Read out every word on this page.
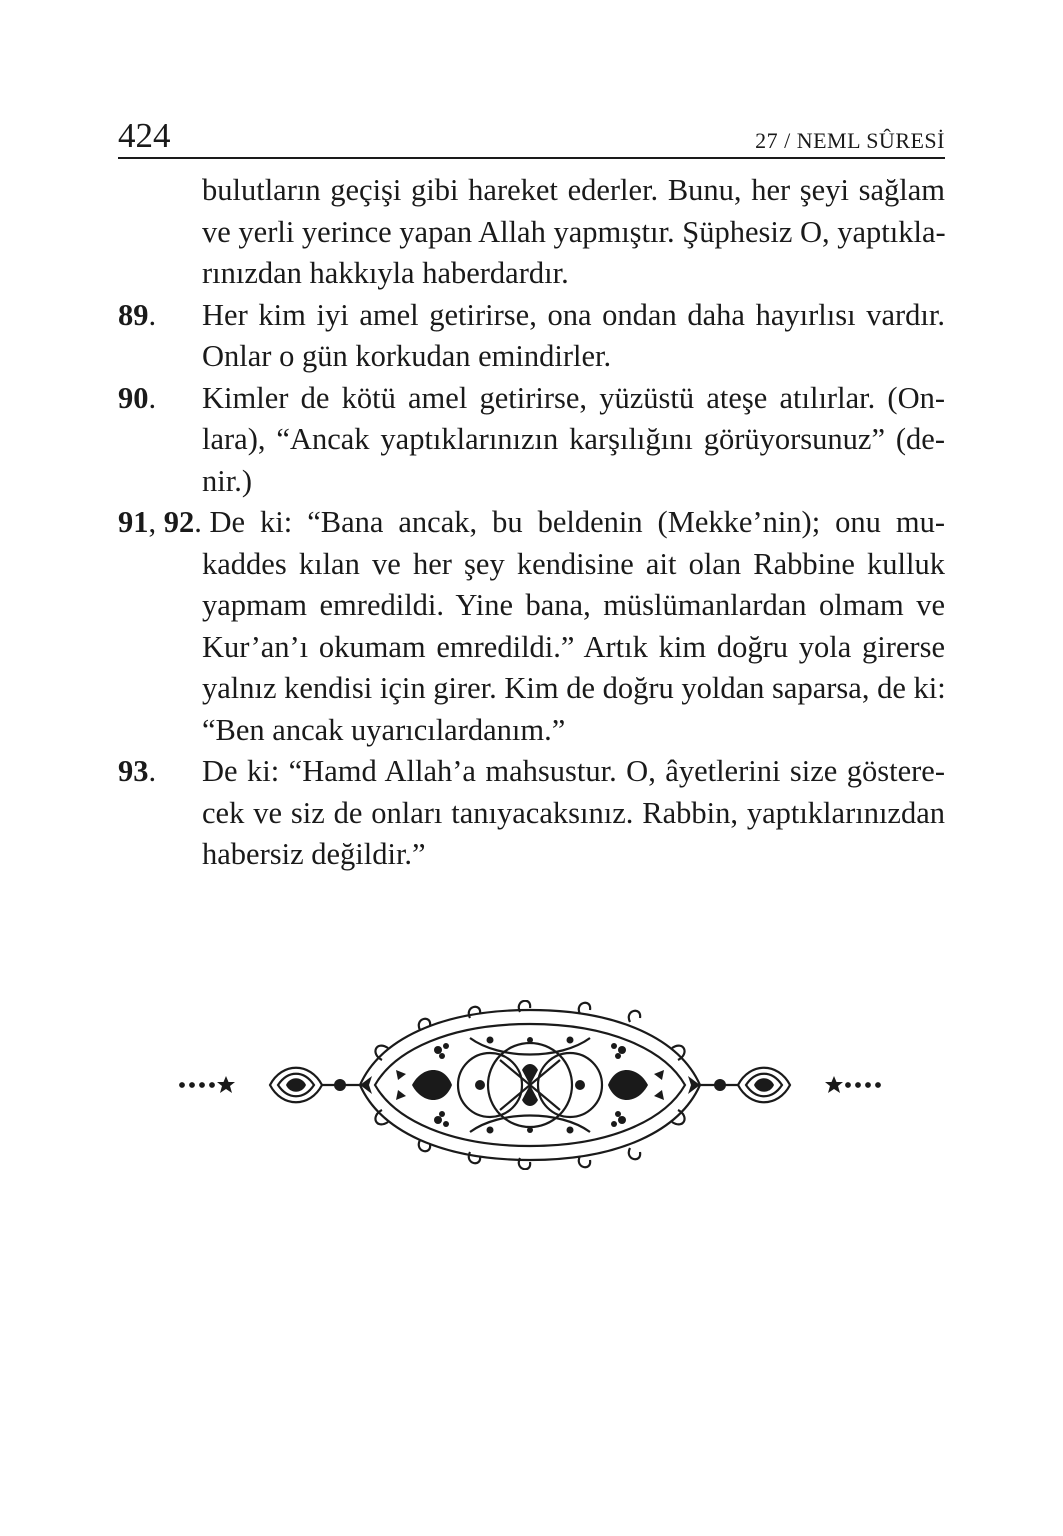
424	27 / NEML SÛRESİ
bulutların geçişi gibi hareket ederler. Bunu, her şeyi sağlam
ve yerli yerince yapan Allah yapmıştır. Şüphesiz O, yaptıkla-
rınızdan hakkıyla haberdardır.
89.	Her kim iyi amel getirirse, ona ondan daha hayırlısı vardır.
Onlar o gün korkudan emindirler.
90.	Kimler de kötü amel getirirse, yüzüstü ateşe atılırlar. (On-
lara), “Ancak yaptıklarınızın karşılığını görüyorsunuz” (de-
nir.)
91, 92. De ki: “Bana ancak, bu beldenin (Mekke’nin); onu mu-
kaddes kılan ve her şey kendisine ait olan Rabbine kulluk
yapmam emredildi. Yine bana, müslümanlardan olmam ve
Kur’an’ı okumam emredildi.” Artık kim doğru yola girerse
yalnız kendisi için girer. Kim de doğru yoldan saparsa, de ki:
“Ben ancak uyarıcılardanım.”
93.	De ki: “Hamd Allah’a mahsustur. O, âyetlerini size göstere-
cek ve siz de onları tanıyacaksınız. Rabbin, yaptıklarınızdan
habersiz değildir.”
